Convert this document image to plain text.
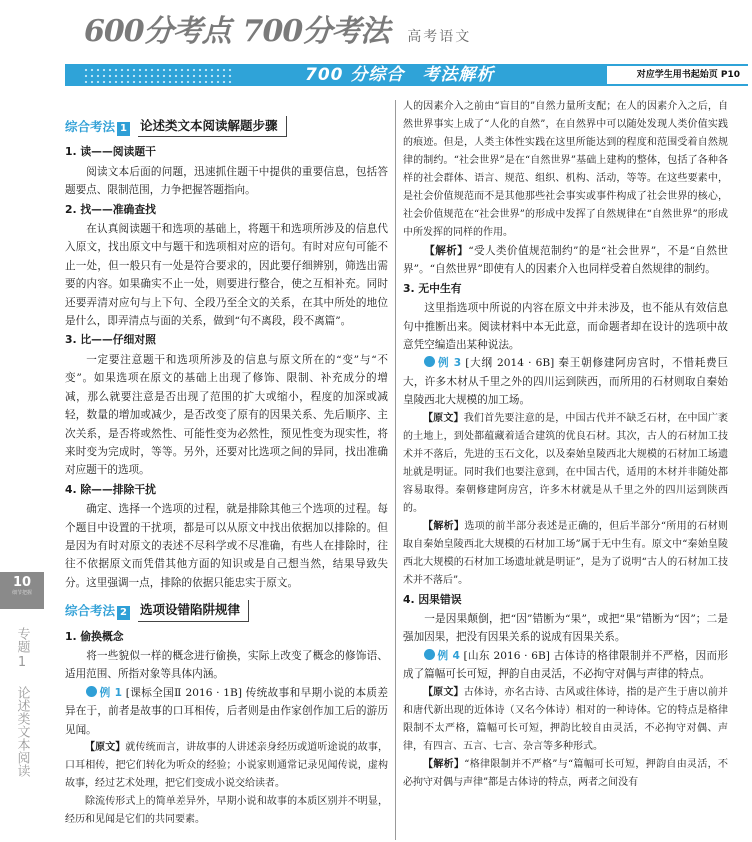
600分考点 700分考法 高考语文
700 分综合　考法解析	对应学生用书起始页 P10
10
细节把握
专题
1
论述类文本阅读
综合考法 1 论述类文本阅读解题步骤
1. 读——阅读题干

阅读文本后面的问题，迅速抓住题干中提供的重要信息，包括答题要点、限制范围，力争把握答题指向。

2. 找——准确查找

在认真阅读题干和选项的基础上，将题干和选项所涉及的信息代入原文，找出原文中与题干和选项相对应的语句。有时对应句可能不止一处，但一般只有一处是符合要求的，因此要仔细辨别，筛选出需要的内容。如果确实不止一处，则要进行整合，使之互相补充。同时还要弄清对应句与上下句、全段乃至全文的关系，在其中所处的地位是什么，即弄清点与面的关系，做到“句不离段，段不离篇”。

3. 比——仔细对照

一定要注意题干和选项所涉及的信息与原文所在的“变”与“不变”。如果选项在原文的基础上出现了修饰、限制、补充成分的增减，那么就要注意是否出现了范围的扩大或缩小，程度的加深或减轻，数量的增加或减少，是否改变了原有的因果关系、先后顺序、主次关系，是否将或然性、可能性变为必然性，预见性变为现实性，将来时变为完成时，等等。另外，还要对比选项之间的异同，找出准确对应题干的选项。

4. 除——排除干扰

确定、选择一个选项的过程，就是排除其他三个选项的过程。每个题目中设置的干扰项，都是可以从原文中找出依据加以排除的。但是因为有时对原文的表述不尽科学或不尽准确，有些人在排除时，往往不依据原文而凭借其他方面的知识或是自己想当然，结果导致失分。这里强调一点，排除的依据只能忠实于原文。

综合考法 2 选项设错陷阱规律
1. 偷换概念

将一些貌似一样的概念进行偷换，实际上改变了概念的修饰语、适用范围、所指对象等具体内涵。

例 1 [课标全国Ⅱ 2016 · 1B] 传统故事和早期小说的本质差异在于，前者是故事的口耳相传，后者则是由作家创作加工后的游历见闻。

【原文】就传统而言，讲故事的人讲述亲身经历或道听途说的故事，口耳相传，把它们转化为听众的经验；小说家则通常记录见闻传说，虚构故事，经过艺术处理，把它们变成小说交给读者。

除流传形式上的简单差异外，早期小说和故事的本质区别并不明显，经历和见闻是它们的共同要素。

人的因素介入之前由“盲目的”自然力量所支配；在人的因素介入之后，自然世界事实上成了“人化的自然”，在自然界中可以随处发现人类价值实践的痕迹。但是，人类主体性实践在这里所能达到的程度和范围受着自然规律的制约。“社会世界”是在“自然世界”基础上建构的整体，包括了各种各样的社会群体、语言、规范、组织、机构、活动，等等。在这些要素中，是社会价值规范而不是其他那些社会事实或事件构成了社会世界的核心，社会价值规范在“社会世界”的形成中发挥了自然规律在“自然世界”的形成中所发挥的同样的作用。

【解析】“受人类价值规范制约”的是“社会世界”，不是“自然世界”。“自然世界”即使有人的因素介入也同样受着自然规律的制约。

3. 无中生有

这里指选项中所说的内容在原文中并未涉及，也不能从有效信息句中推断出来。阅读材料中本无此意，而命题者却在设计的选项中故意凭空编造出某种说法。

例 3 [大纲 2014 · 6B] 秦王朝修建阿房宫时，不惜耗费巨大，许多木材从千里之外的四川运到陕西，而所用的石材则取自秦始皇陵西北大规模的加工场。

【原文】我们首先要注意的是，中国古代并不缺乏石材，在中国广袤的土地上，到处都蕴藏着适合建筑的优良石材。其次，古人的石材加工技术并不落后，先进的玉石文化，以及秦始皇陵西北大规模的石材加工场遗址就是明证。同时我们也要注意到，在中国古代，适用的木材并非随处都容易取得。秦朝修建阿房宫，许多木材就是从千里之外的四川运到陕西的。

【解析】选项的前半部分表述是正确的，但后半部分“所用的石材则取自秦始皇陵西北大规模的石材加工场”属于无中生有。原文中“秦始皇陵西北大规模的石材加工场遗址就是明证”，是为了说明“古人的石材加工技术并不落后”。

4. 因果错误

一是因果颠倒，把“因”错断为“果”，或把“果”错断为“因”；二是强加因果，把没有因果关系的说成有因果关系。

例 4 [山东 2016 · 6B] 古体诗的格律限制并不严格，因而形成了篇幅可长可短，押韵自由灵活，不必拘守对偶与声律的特点。

【原文】古体诗，亦名古诗、古风或往体诗，指的是产生于唐以前并和唐代新出现的近体诗（又名今体诗）相对的一种诗体。它的特点是格律限制不太严格，篇幅可长可短，押韵比较自由灵活，不必拘守对偶、声律，有四言、五言、七言、杂言等多种形式。

【解析】“格律限制并不严格”与“篇幅可长可短，押韵自由灵活，不必拘守对偶与声律”都是古体诗的特点，两者之间没有
